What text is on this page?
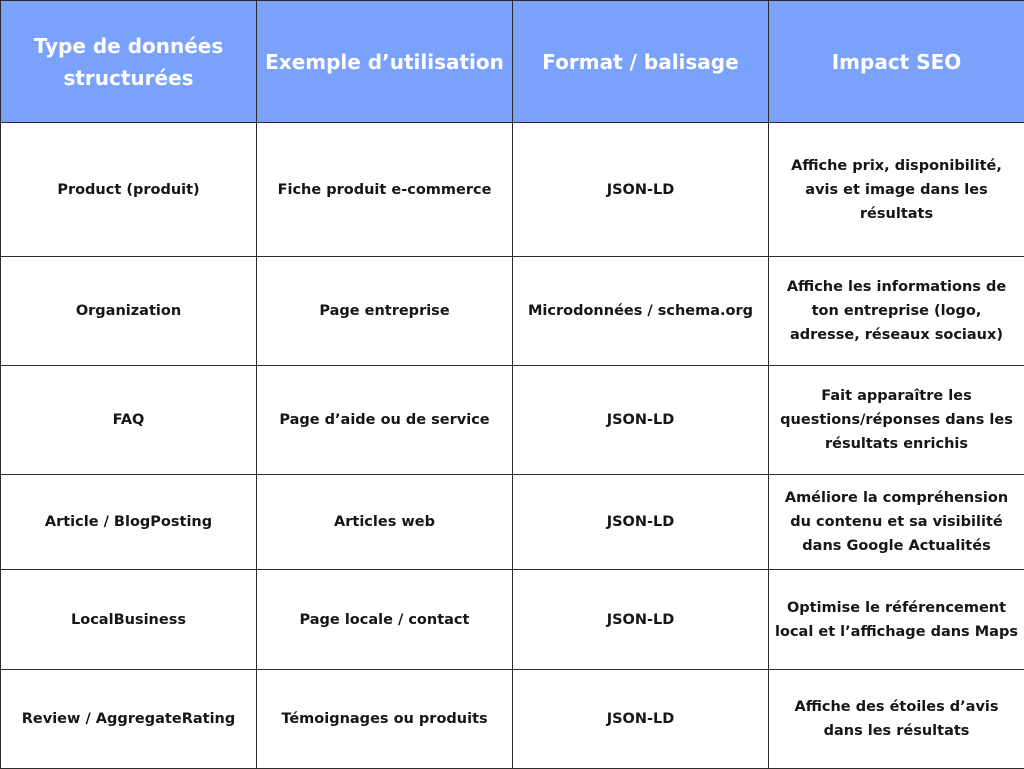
Type de données structurées	Exemple d’utilisation	Format / balisage	Impact SEO
Product (produit)	Fiche produit e-commerce	JSON-LD	Affiche prix, disponibilité, avis et image dans les résultats
Organization	Page entreprise	Microdonnées / schema.org	Affiche les informations de ton entreprise (logo, adresse, réseaux sociaux)
FAQ	Page d’aide ou de service	JSON-LD	Fait apparaître les questions/réponses dans les résultats enrichis
Article / BlogPosting	Articles web	JSON-LD	Améliore la compréhension du contenu et sa visibilité dans Google Actualités
LocalBusiness	Page locale / contact	JSON-LD	Optimise le référencement local et l’affichage dans Maps
Review / AggregateRating	Témoignages ou produits	JSON-LD	Affiche des étoiles d’avis dans les résultats
